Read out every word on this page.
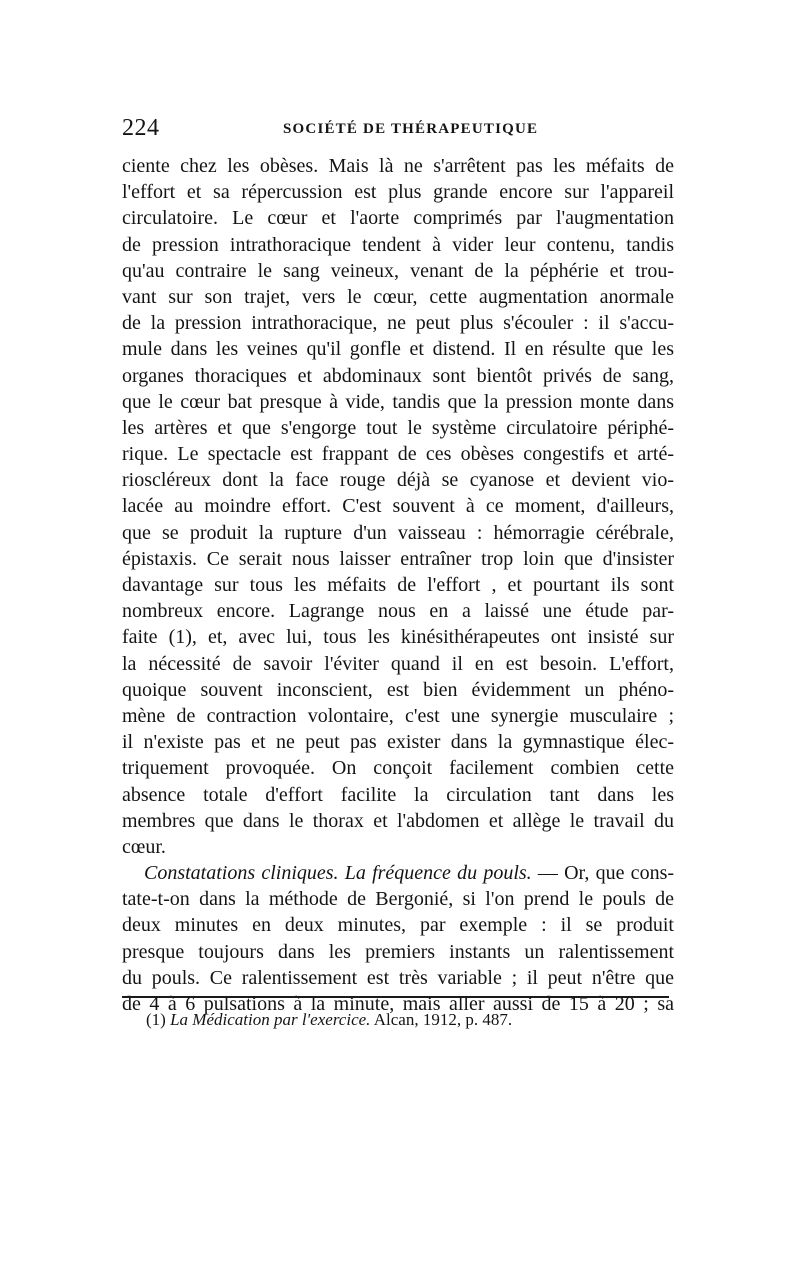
224	SOCIÉTÉ DE THÉRAPEUTIQUE
ciente chez les obèses. Mais là ne s'arrêtent pas les méfaits de
l'effort et sa répercussion est plus grande encore sur l'appareil
circulatoire. Le cœur et l'aorte comprimés par l'augmentation
de pression intrathoracique tendent à vider leur contenu, tandis
qu'au contraire le sang veineux, venant de la péphérie et trou-
vant sur son trajet, vers le cœur, cette augmentation anormale
de la pression intrathoracique, ne peut plus s'écouler : il s'accu-
mule dans les veines qu'il gonfle et distend. Il en résulte que les
organes thoraciques et abdominaux sont bientôt privés de sang,
que le cœur bat presque à vide, tandis que la pression monte dans
les artères et que s'engorge tout le système circulatoire périphé-
rique. Le spectacle est frappant de ces obèses congestifs et arté-
rioscléreux dont la face rouge déjà se cyanose et devient vio-
lacée au moindre effort. C'est souvent à ce moment, d'ailleurs,
que se produit la rupture d'un vaisseau : hémorragie cérébrale,
épistaxis. Ce serait nous laisser entraîner trop loin que d'insister
davantage sur tous les méfaits de l'effort , et pourtant ils sont
nombreux encore. Lagrange nous en a laissé une étude par-
faite (1), et, avec lui, tous les kinésithérapeutes ont insisté sur
la nécessité de savoir l'éviter quand il en est besoin. L'effort,
quoique souvent inconscient, est bien évidemment un phéno-
mène de contraction volontaire, c'est une synergie musculaire ;
il n'existe pas et ne peut pas exister dans la gymnastique élec-
triquement provoquée. On conçoit facilement combien cette
absence totale d'effort facilite la circulation tant dans les
membres que dans le thorax et l'abdomen et allège le travail du
cœur.
Constatations cliniques. La fréquence du pouls. — Or, que cons-
tate-t-on dans la méthode de Bergonié, si l'on prend le pouls de
deux minutes en deux minutes, par exemple : il se produit
presque toujours dans les premiers instants un ralentissement
du pouls. Ce ralentissement est très variable ; il peut n'être que
de 4 à 6 pulsations à la minute, mais aller aussi de 15 à 20 ; sa
(1) La Médication par l'exercice. Alcan, 1912, p. 487.
